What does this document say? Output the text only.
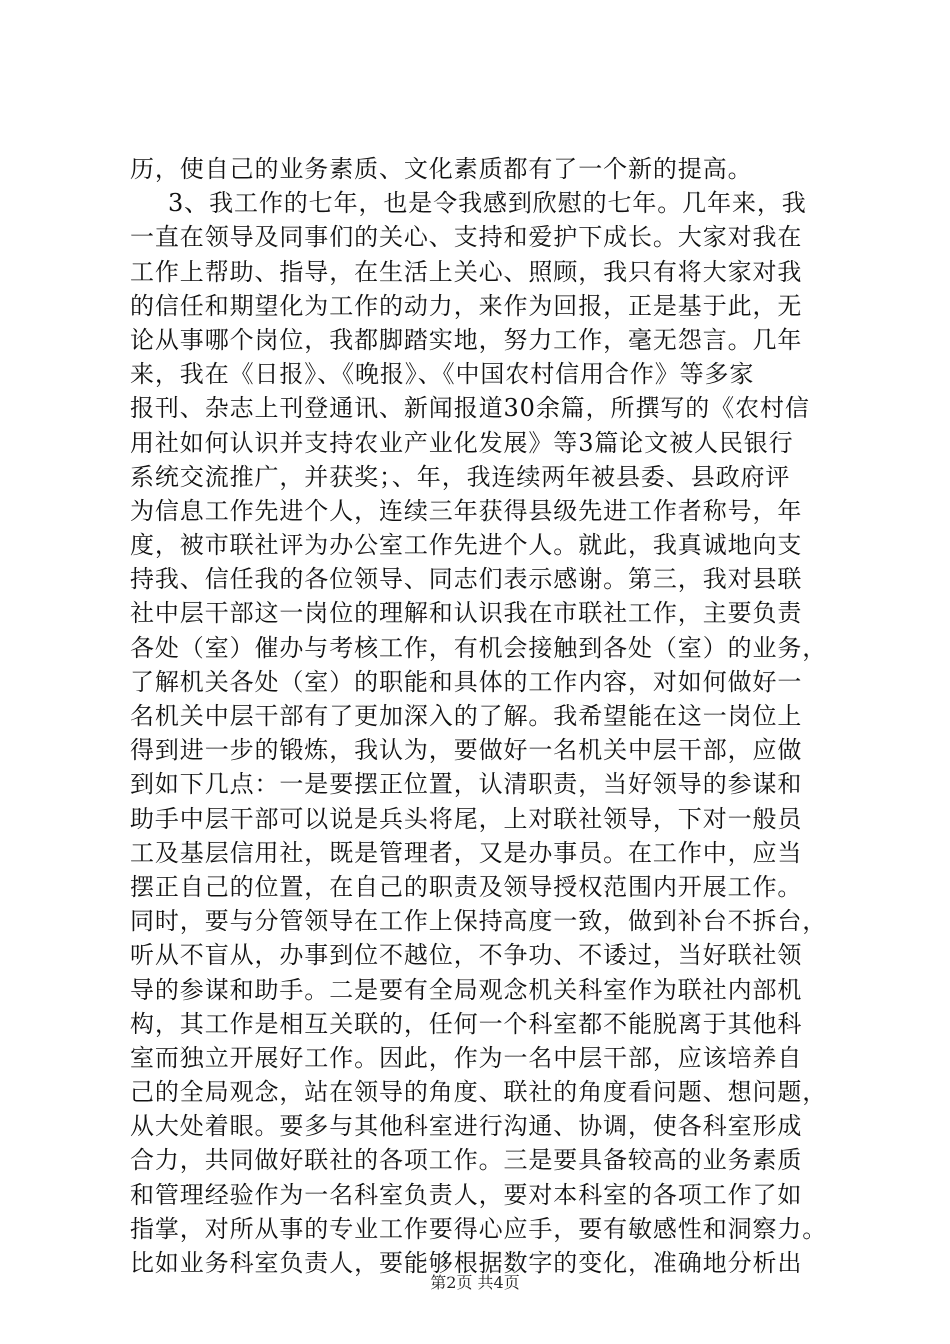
历，使自己的业务素质、文化素质都有了一个新的提高。
3、我工作的七年，也是令我感到欣慰的七年。几年来，我
一直在领导及同事们的关心、支持和爱护下成长。大家对我在
工作上帮助、指导，在生活上关心、照顾，我只有将大家对我
的信任和期望化为工作的动力，来作为回报，正是基于此，无
论从事哪个岗位，我都脚踏实地，努力工作，毫无怨言。几年
来，我在《日报》、《晚报》、《中国农村信用合作》等多家
报刊、杂志上刊登通讯、新闻报道30余篇，所撰写的《农村信
用社如何认识并支持农业产业化发展》等3篇论文被人民银行
系统交流推广，并获奖；、年，我连续两年被县委、县政府评
为信息工作先进个人，连续三年获得县级先进工作者称号，年
度，被市联社评为办公室工作先进个人。就此，我真诚地向支
持我、信任我的各位领导、同志们表示感谢。第三，我对县联
社中层干部这一岗位的理解和认识我在市联社工作，主要负责
各处（室）催办与考核工作，有机会接触到各处（室）的业务，
了解机关各处（室）的职能和具体的工作内容，对如何做好一
名机关中层干部有了更加深入的了解。我希望能在这一岗位上
得到进一步的锻炼，我认为，要做好一名机关中层干部，应做
到如下几点：一是要摆正位置，认清职责，当好领导的参谋和
助手中层干部可以说是兵头将尾，上对联社领导，下对一般员
工及基层信用社，既是管理者，又是办事员。在工作中，应当
摆正自己的位置，在自己的职责及领导授权范围内开展工作。
同时，要与分管领导在工作上保持高度一致，做到补台不拆台，
听从不盲从，办事到位不越位，不争功、不诿过，当好联社领
导的参谋和助手。二是要有全局观念机关科室作为联社内部机
构，其工作是相互关联的，任何一个科室都不能脱离于其他科
室而独立开展好工作。因此，作为一名中层干部，应该培养自
己的全局观念，站在领导的角度、联社的角度看问题、想问题，
从大处着眼。要多与其他科室进行沟通、协调，使各科室形成
合力，共同做好联社的各项工作。三是要具备较高的业务素质
和管理经验作为一名科室负责人，要对本科室的各项工作了如
指掌，对所从事的专业工作要得心应手，要有敏感性和洞察力。
比如业务科室负责人，要能够根据数字的变化，准确地分析出
第2页 共4页
